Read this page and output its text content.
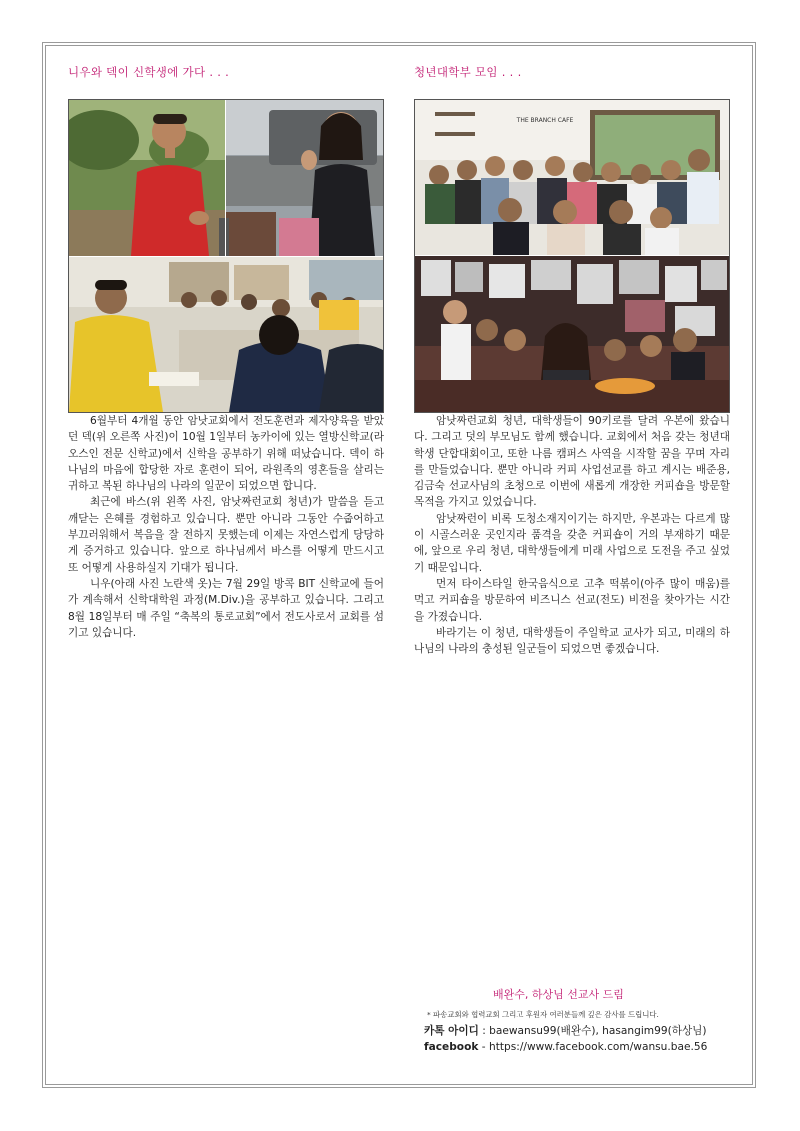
니우와 덱이 신학생에 가다 . . .

6월부터 4개월 동안 암낫교회에서 전도훈련과 제자양육을 받았던 덱(위 오른쪽 사진)이 10월 1일부터 농카이에 있는 열방신학교(라오스인 전문 신학교)에서 신학을 공부하기 위해 떠났습니다. 덱이 하나님의 마음에 합당한 자로 훈련이 되어, 라원족의 영혼들을 살리는 귀하고 복된 하나님의 나라의 일꾼이 되었으면 합니다.

최근에 바스(위 왼쪽 사진, 암낫짜런교회 청년)가 말씀을 듣고 깨닫는 은혜를 경험하고 있습니다. 뿐만 아니라 그동안 수줍어하고 부끄러워해서 복음을 잘 전하지 못했는데 이제는 자연스럽게 당당하게 증거하고 있습니다. 앞으로 하나님께서 바스를 어떻게 만드시고 또 어떻게 사용하실지 기대가 됩니다.

니우(아래 사진 노란색 옷)는 7월 29일 방콕 BIT 신학교에 들어가 계속해서 신학대학원 과정(M.Div.)을 공부하고 있습니다. 그리고 8월 18일부터 매 주일 “축복의 통로교회”에서 전도사로서 교회를 섬기고 있습니다.

청년대학부 모임 . . .
THE BRANCH CAFE

암낫짜런교회 청년, 대학생들이 90키로를 달려 우본에 왔습니다. 그리고 덧의 부모님도 함께 했습니다. 교회에서 처음 갖는 청년대학생 단합대회이고, 또한 나름 캠퍼스 사역을 시작할 꿈을 꾸며 자리를 만들었습니다. 뿐만 아니라 커피 사업선교를 하고 계시는 배준용, 김금숙 선교사님의 초청으로 이번에 새롭게 개장한 커피숍을 방문할 목적을 가지고 있었습니다.

암낫짜런이 비록 도청소재지이기는 하지만, 우본과는 다르게 많이 시골스러운 곳인지라 품격을 갖춘 커피숍이 거의 부재하기 때문에, 앞으로 우리 청년, 대학생들에게 미래 사업으로 도전을 주고 싶었기 때문입니다.

먼저 타이스타일 한국음식으로 고추 떡볶이(아주 많이 매움)를 먹고 커피숍을 방문하여 비즈니스 선교(전도) 비전을 찾아가는 시간을 가졌습니다.

바라기는 이 청년, 대학생들이 주일학교 교사가 되고, 미래의 하나님의 나라의 충성된 일군들이 되었으면 좋겠습니다.

배완수, 하상님 선교사 드림
* 파송교회와 협력교회 그리고 후원자 여러분들께 깊은 감사를 드립니다.
카톡 아이디 : baewansu99(배완수), hasangim99(하상님)
facebook - https://www.facebook.com/wansu.bae.56
